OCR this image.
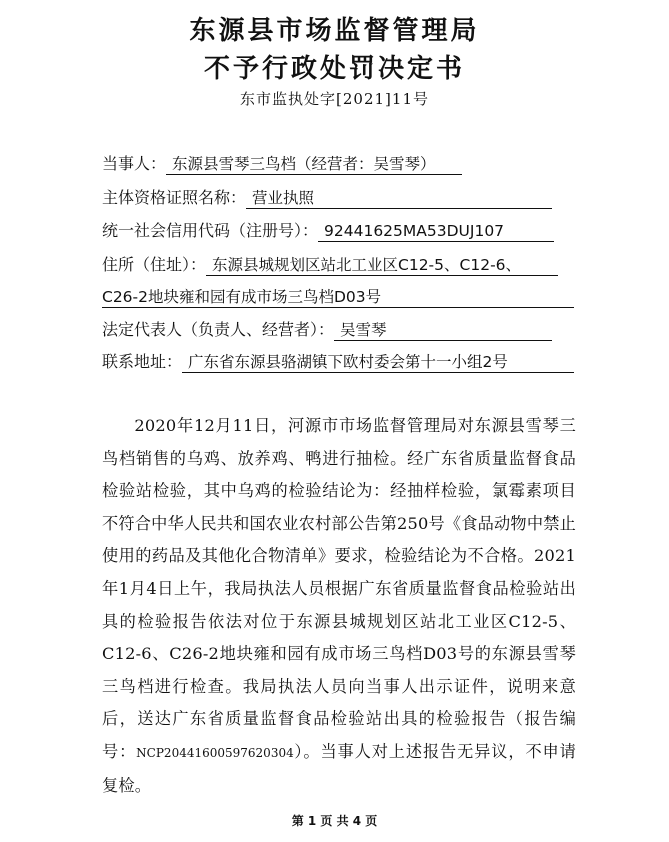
东源县市场监督管理局
不予行政处罚决定书
东市监执处字[2021]11号
当事人： 东源县雪琴三鸟档（经营者：吴雪琴）
主体资格证照名称： 营业执照
统一社会信用代码（注册号）： 92441625MA53DUJ107
住所（住址）： 东源县城规划区站北工业区C12-5、C12-6、
C26-2地块雍和园有成市场三鸟档D03号
法定代表人（负责人、经营者）： 吴雪琴
联系地址： 广东省东源县骆湖镇下欧村委会第十一小组2号
2020年12月11日，河源市市场监督管理局对东源县雪琴三鸟档销售的乌鸡、放养鸡、鸭进行抽检。经广东省质量监督食品检验站检验，其中乌鸡的检验结论为：经抽样检验，氯霉素项目不符合中华人民共和国农业农村部公告第250号《食品动物中禁止使用的药品及其他化合物清单》要求，检验结论为不合格。2021年1月4日上午，我局执法人员根据广东省质量监督食品检验站出具的检验报告依法对位于东源县城规划区站北工业区C12-5、C12-6、C26-2地块雍和园有成市场三鸟档D03号的东源县雪琴三鸟档进行检查。我局执法人员向当事人出示证件，说明来意后，送达广东省质量监督食品检验站出具的检验报告（报告编号：NCP20441600597620304）。当事人对上述报告无异议，不申请复检。
第 1 页 共 4 页
